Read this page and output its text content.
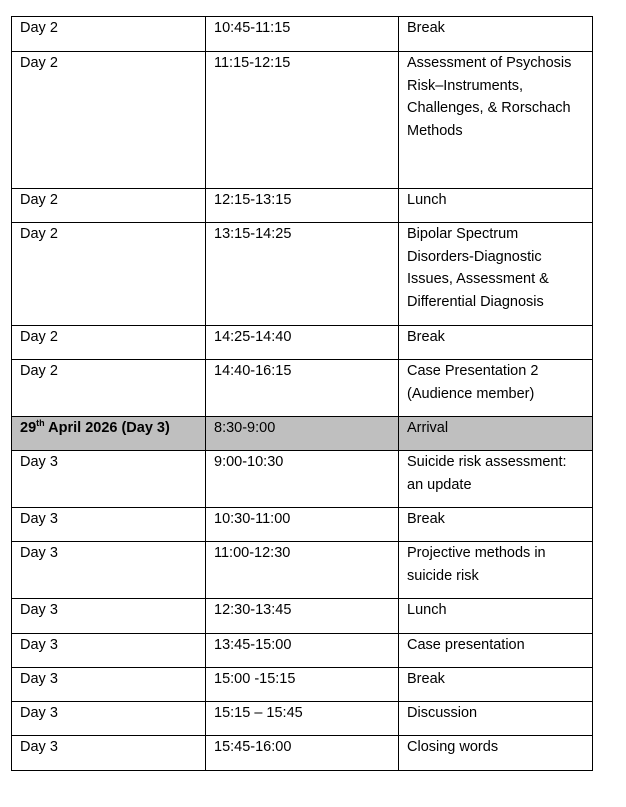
Day 2	10:45-11:15	Break
Day 2	11:15-12:15	Assessment of Psychosis Risk–Instruments, Challenges, & Rorschach Methods
Day 2	12:15-13:15	Lunch
Day 2	13:15-14:25	Bipolar Spectrum Disorders-Diagnostic Issues, Assessment & Differential Diagnosis
Day 2	14:25-14:40	Break
Day 2	14:40-16:15	Case Presentation 2 (Audience member)
29th April 2026 (Day 3)	8:30-9:00	Arrival
Day 3	9:00-10:30	Suicide risk assessment: an update
Day 3	10:30-11:00	Break
Day 3	11:00-12:30	Projective methods in suicide risk
Day 3	12:30-13:45	Lunch
Day 3	13:45-15:00	Case presentation
Day 3	15:00 -15:15	Break
Day 3	15:15 – 15:45	Discussion
Day 3	15:45-16:00	Closing words
